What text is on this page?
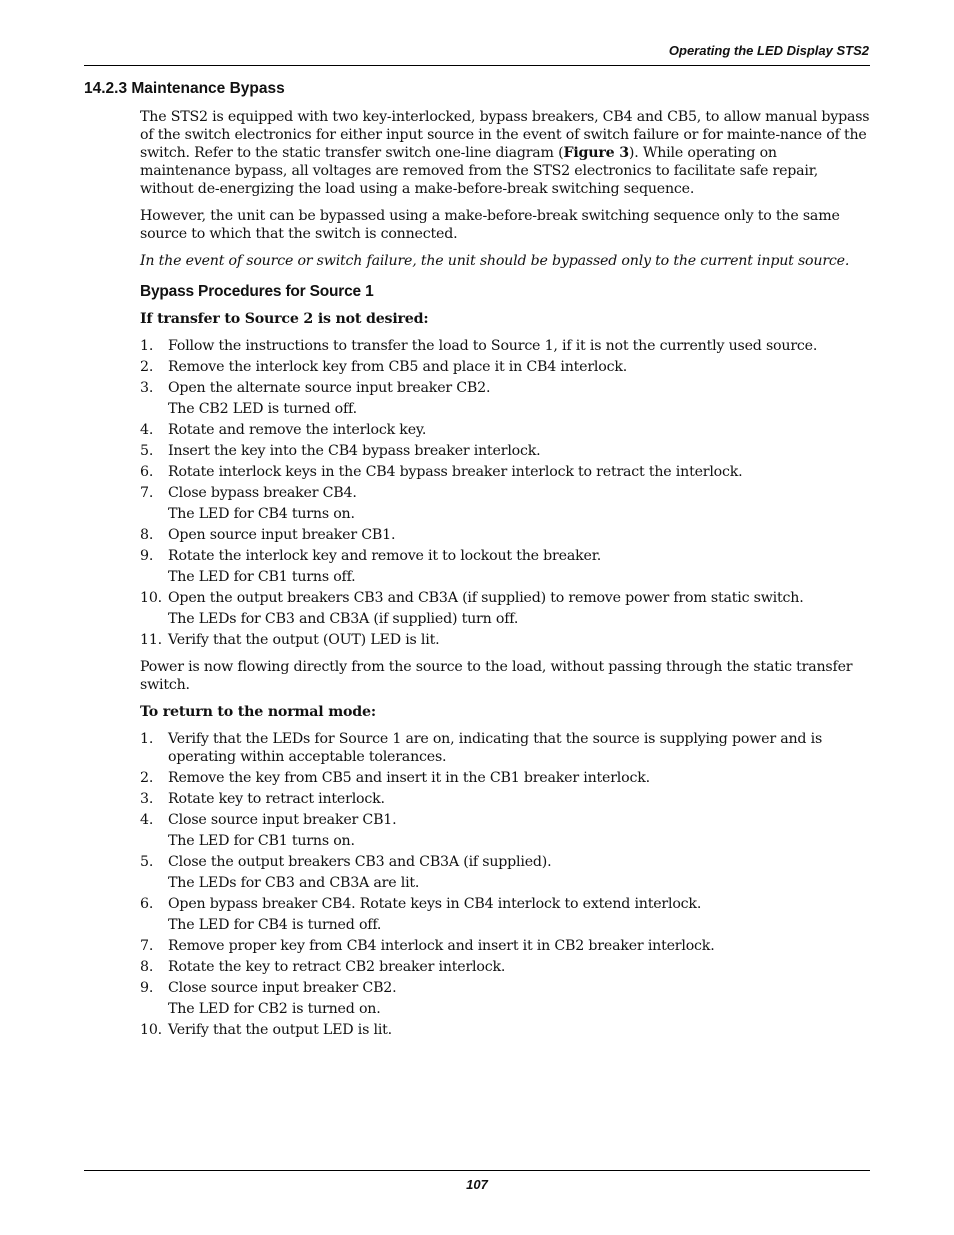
Operating the LED Display STS2
14.2.3 Maintenance Bypass

The STS2 is equipped with two key-interlocked, bypass breakers, CB4 and CB5, to allow manual bypass of the switch electronics for either input source in the event of switch failure or for mainte-nance of the switch. Refer to the static transfer switch one-line diagram (Figure 3). While operating on maintenance bypass, all voltages are removed from the STS2 electronics to facilitate safe repair, without de-energizing the load using a make-before-break switching sequence.

However, the unit can be bypassed using a make-before-break switching sequence only to the same source to which that the switch is connected.

In the event of source or switch failure, the unit should be bypassed only to the current input source.

Bypass Procedures for Source 1
If transfer to Source 2 is not desired:
1. Follow the instructions to transfer the load to Source 1, if it is not the currently used source.
2. Remove the interlock key from CB5 and place it in CB4 interlock.
3. Open the alternate source input breaker CB2.
The CB2 LED is turned off.
4. Rotate and remove the interlock key.
5. Insert the key into the CB4 bypass breaker interlock.
6. Rotate interlock keys in the CB4 bypass breaker interlock to retract the interlock.
7. Close bypass breaker CB4.
The LED for CB4 turns on.
8. Open source input breaker CB1.
9. Rotate the interlock key and remove it to lockout the breaker.
The LED for CB1 turns off.
10. Open the output breakers CB3 and CB3A (if supplied) to remove power from static switch.
The LEDs for CB3 and CB3A (if supplied) turn off.
11. Verify that the output (OUT) LED is lit.

Power is now flowing directly from the source to the load, without passing through the static transfer switch.

To return to the normal mode:
1. Verify that the LEDs for Source 1 are on, indicating that the source is supplying power and is operating within acceptable tolerances.
2. Remove the key from CB5 and insert it in the CB1 breaker interlock.
3. Rotate key to retract interlock.
4. Close source input breaker CB1.
The LED for CB1 turns on.
5. Close the output breakers CB3 and CB3A (if supplied).
The LEDs for CB3 and CB3A are lit.
6. Open bypass breaker CB4. Rotate keys in CB4 interlock to extend interlock.
The LED for CB4 is turned off.
7. Remove proper key from CB4 interlock and insert it in CB2 breaker interlock.
8. Rotate the key to retract CB2 breaker interlock.
9. Close source input breaker CB2.
The LED for CB2 is turned on.
10. Verify that the output LED is lit.
107
